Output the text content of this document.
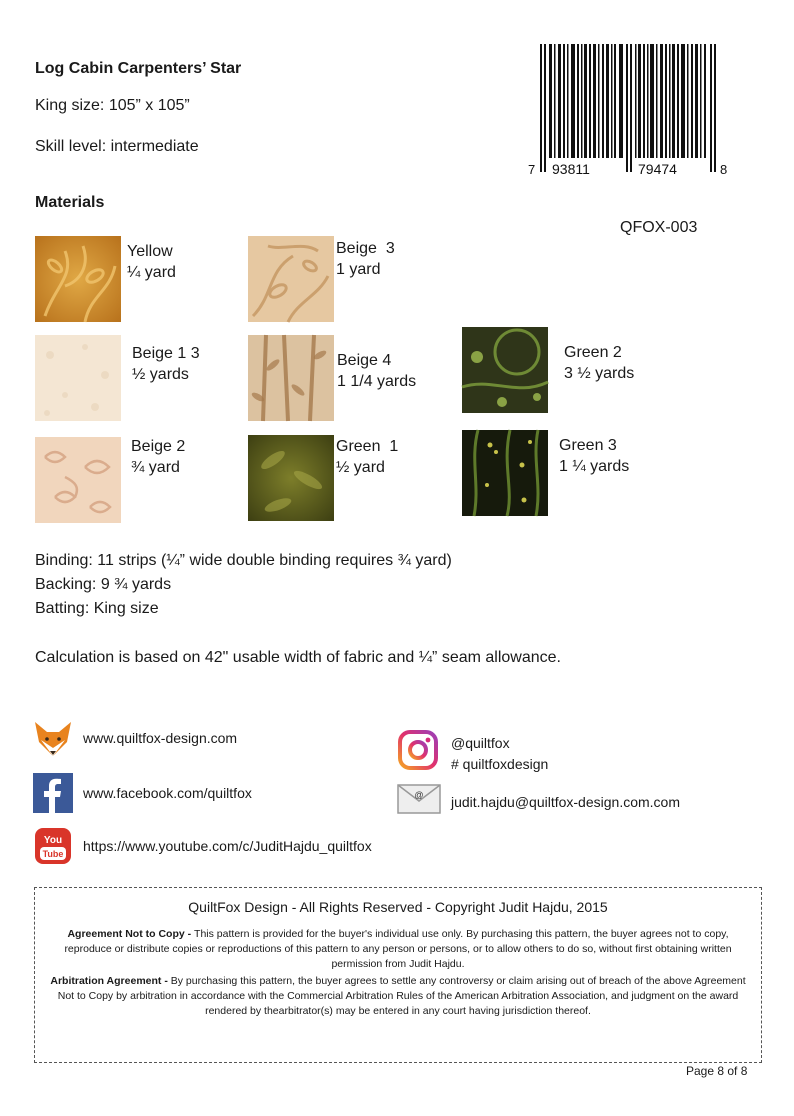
Log Cabin Carpenters’ Star
King size: 105” x 105”
Skill level: intermediate
7 93811	79474	8
QFOX-003
Materials
Yellow
¼ yard
Beige  3
1 yard
Beige 1 3
½ yards
Beige 4
1 1/4 yards
Green 2
3 ½ yards
Beige 2
¾ yard
Green  1
½ yard
Green 3
1 ¼ yards
Binding: 11 strips (¼” wide double binding requires ¾ yard)
Backing: 9 ¾ yards
Batting: King size
Calculation is based on 42" usable width of fabric and ¼” seam allowance.
www.quiltfox-design.com
www.facebook.com/quiltfox
You
Tube https://www.youtube.com/c/JuditHajdu_quiltfox
@quiltfox
# quiltfoxdesign
@ judit.hajdu@quiltfox-design.com.com
QuiltFox Design - All Rights Reserved - Copyright Judit Hajdu, 2015
Agreement Not to Copy - This pattern is provided for the buyer's individual use only. By purchasing this pattern, the buyer agrees not to copy, reproduce or distribute copies or reproductions of this pattern to any person or persons, or to allow others to do so, without first obtaining written permission from Judit Hajdu.
Arbitration Agreement - By purchasing this pattern, the buyer agrees to settle any controversy or claim arising out of breach of the above Agreement Not to Copy by arbitration in accordance with the Commercial Arbitration Rules of the American Arbitration Association, and judgment on the award rendered by thearbitrator(s) may be entered in any court having jurisdiction thereof.
Page 8 of 8
